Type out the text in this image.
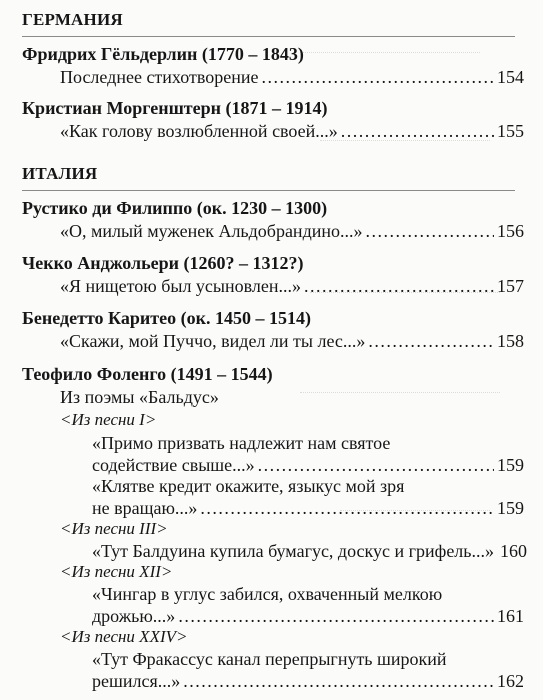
ГЕРМАНИЯ
Фридрих Гёльдерлин (1770 – 1843)
Последнее стихотворение .....	154
Кристиан Моргенштерн (1871 – 1914)
«Как голову возлюбленной своей...» .....	155
ИТАЛИЯ
Рустико ди Филиппо (ок. 1230 – 1300)
«О, милый муженек Альдобрандино...» .....	156
Чекко Анджольери (1260? – 1312?)
«Я нищетою был усыновлен...» .....	157
Бенедетто Каритео (ок. 1450 – 1514)
«Скажи, мой Пуччо, видел ли ты лес...» .....	158
Теофило Фоленго (1491 – 1544)
Из поэмы «Бальдус»
<Из песни I>
«Примо призвать надлежит нам святое
содействие свыше...» .....	159
«Клятве кредит окажите, языкус мой зря
не вращаю...» .....	159
<Из песни III>
«Тут Балдуина купила бумагус, доскус и грифель...» 160
<Из песни XII>
«Чингар в углус забился, охваченный мелкою
дрожью...» .....	161
<Из песни XXIV>
«Тут Фракассус канал перепрыгнуть широкий
решился...» .....	162
